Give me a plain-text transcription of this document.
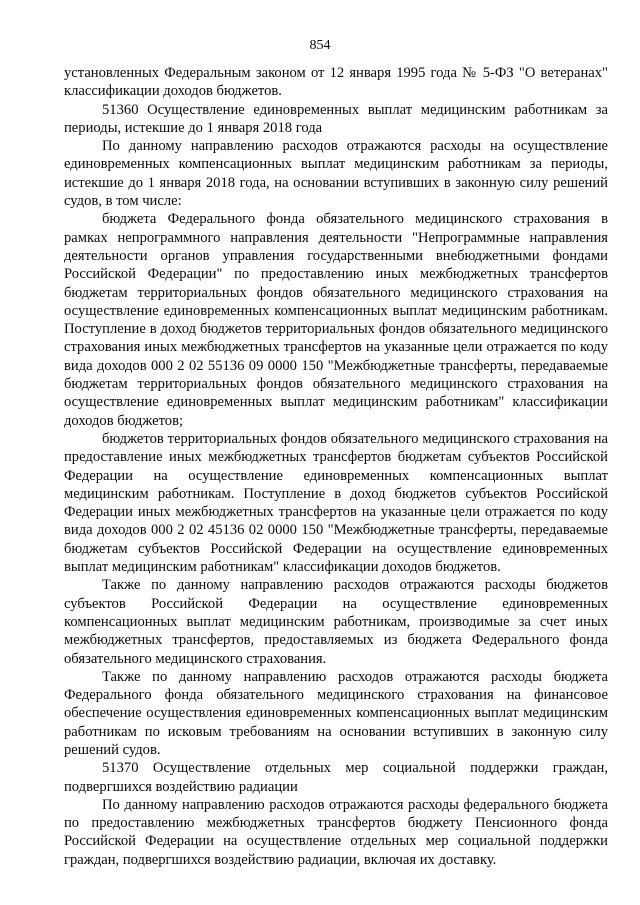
854

установленных Федеральным законом от 12 января 1995 года № 5-ФЗ "О ветеранах" классификации доходов бюджетов.

51360 Осуществление единовременных выплат медицинским работникам за периоды, истекшие до 1 января 2018 года

По данному направлению расходов отражаются расходы на осуществление единовременных компенсационных выплат медицинским работникам за периоды, истекшие до 1 января 2018 года, на основании вступивших в законную силу решений судов, в том числе:

бюджета Федерального фонда обязательного медицинского страхования в рамках непрограммного направления деятельности "Непрограммные направления деятельности органов управления государственными внебюджетными фондами Российской Федерации" по предоставлению иных межбюджетных трансфертов бюджетам территориальных фондов обязательного медицинского страхования на осуществление единовременных компенсационных выплат медицинским работникам. Поступление в доход бюджетов территориальных фондов обязательного медицинского страхования иных межбюджетных трансфертов на указанные цели отражается по коду вида доходов 000 2 02 55136 09 0000 150 "Межбюджетные трансферты, передаваемые бюджетам территориальных фондов обязательного медицинского страхования на осуществление единовременных выплат медицинским работникам" классификации доходов бюджетов;

бюджетов территориальных фондов обязательного медицинского страхования на предоставление иных межбюджетных трансфертов бюджетам субъектов Российской Федерации на осуществление единовременных компенсационных выплат медицинским работникам. Поступление в доход бюджетов субъектов Российской Федерации иных межбюджетных трансфертов на указанные цели отражается по коду вида доходов 000 2 02 45136 02 0000 150 "Межбюджетные трансферты, передаваемые бюджетам субъектов Российской Федерации на осуществление единовременных выплат медицинским работникам" классификации доходов бюджетов.

Также по данному направлению расходов отражаются расходы бюджетов субъектов Российской Федерации на осуществление единовременных компенсационных выплат медицинским работникам, производимые за счет иных межбюджетных трансфертов, предоставляемых из бюджета Федерального фонда обязательного медицинского страхования.

Также по данному направлению расходов отражаются расходы бюджета Федерального фонда обязательного медицинского страхования на финансовое обеспечение осуществления единовременных компенсационных выплат медицинским работникам по исковым требованиям на основании вступивших в законную силу решений судов.

51370 Осуществление отдельных мер социальной поддержки граждан, подвергшихся воздействию радиации

По данному направлению расходов отражаются расходы федерального бюджета по предоставлению межбюджетных трансфертов бюджету Пенсионного фонда Российской Федерации на осуществление отдельных мер социальной поддержки граждан, подвергшихся воздействию радиации, включая их доставку.
